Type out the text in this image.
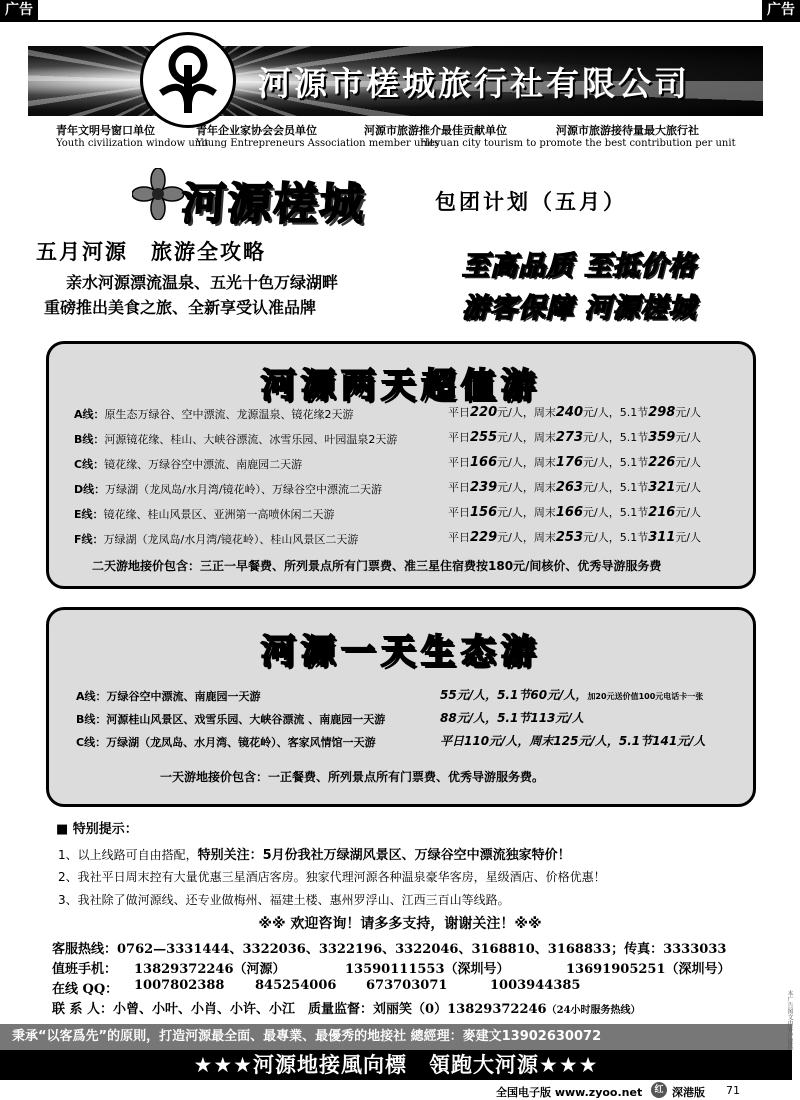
广告	广告
河源市槎城旅行社有限公司
青年文明号窗口单位	青年企业家协会会员单位	河源市旅游推介最佳贡献单位	河源市旅游接待量最大旅行社
Youth civilization window unit
Young Entrepreneurs Association member units
Heyuan city tourism to promote the best contribution per unit
河源槎城	包团计划（五月）
五月河源　旅游全攻略
亲水河源漂流温泉、五光十色万绿湖畔
重磅推出美食之旅、全新享受认准品牌
至高品质 至抵价格
游客保障 河源槎城
河源两天超值游
A线：原生态万绿谷、空中漂流、龙源温泉、镜花缘2天游	平日220元/人，周末240元/人，5.1节298元/人
B线：河源镜花缘、桂山、大峡谷漂流、冰雪乐园、叶园温泉2天游	平日255元/人，周末273元/人，5.1节359元/人
C线：镜花缘、万绿谷空中漂流、南鹿园二天游	平日166元/人，周末176元/人，5.1节226元/人
D线：万绿湖（龙凤岛/水月湾/镜花岭）、万绿谷空中漂流二天游	平日239元/人，周末263元/人，5.1节321元/人
E线：镜花缘、桂山风景区、亚洲第一高喷休闲二天游	平日156元/人，周末166元/人，5.1节216元/人
F线：万绿湖（龙凤岛/水月湾/镜花岭）、桂山风景区二天游	平日229元/人，周末253元/人，5.1节311元/人
二天游地接价包含：三正一早餐费、所列景点所有门票费、准三星住宿费按180元/间核价、优秀导游服务费
河源一天生态游
A线：万绿谷空中漂流、南鹿园一天游	55元/人，5.1节60元/人，加20元送价值100元电话卡一张
B线：河源桂山风景区、戏雪乐园、大峡谷漂流 、南鹿园一天游	88元/人，5.1节113元/人
C线：万绿湖（龙凤岛、水月湾、镜花岭）、客家风情馆一天游	平日110元/人，周末125元/人，5.1节141元/人
一天游地接价包含：一正餐费、所列景点所有门票费、优秀导游服务费。
■ 特别提示：
1、以上线路可自由搭配，特别关注：5月份我社万绿湖风景区、万绿谷空中漂流独家特价！
2、我社平日周末控有大量优惠三星酒店客房。独家代理河源各种温泉豪华客房，星级酒店、价格优惠！
3、我社除了做河源线、还专业做梅州、福建土楼、惠州罗浮山、江西三百山等线路。
※※ 欢迎咨询！请多多支持，谢谢关注！※※
客服热线：0762—3331444、3322036、3322196、3322046、3168810、3168833；传真：3333033
值班手机： 13829372246（河源）	13590111553（深圳号）	13691905251（深圳号）
在线 QQ： 1007802388 845254006 673703071	1003944385
联 系 人：小曾、小叶、小肖、小许、小江　质量监督：刘丽笑（0）13829372246（24小时服务热线）
秉承“以客爲先”的原則，打造河源最全面、最專業、最優秀的地接社 總經理：麥建文13902630072
★★★河源地接風向標　領跑大河源★★★
全国电子版 www.zyoo.net	红 深港版 71
本广告图文由客户提供
